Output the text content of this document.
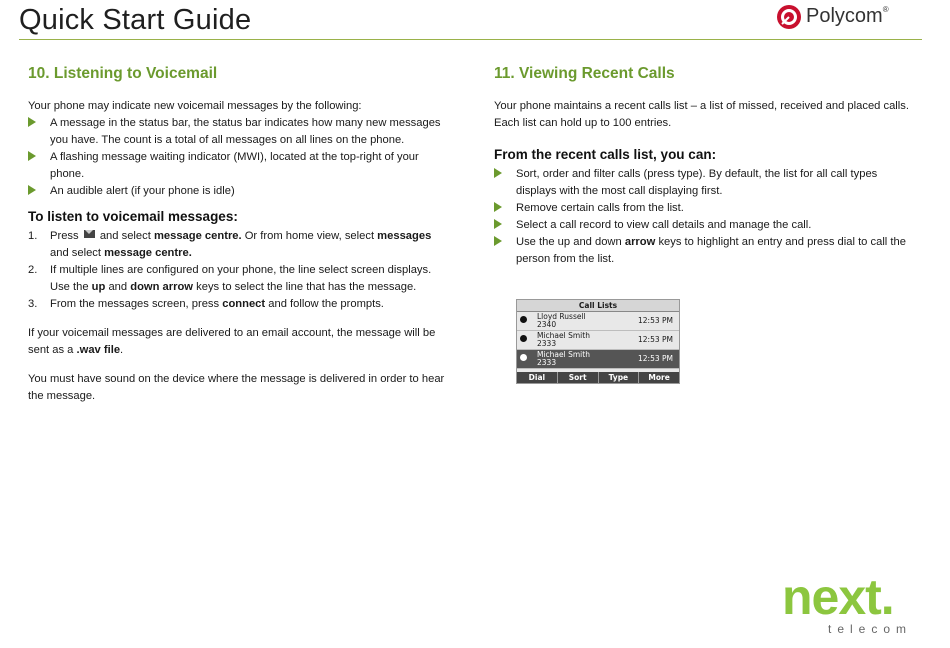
Quick Start Guide	Polycom®
10. Listening to Voicemail

Your phone may indicate new voicemail messages by the following:

A message in the status bar, the status bar indicates how many new messages you have. The count is a total of all messages on all lines on the phone.
A flashing message waiting indicator (MWI), located at the top-right of your phone.
An audible alert (if your phone is idle)
To listen to voicemail messages:
1. Press and select message centre. Or from home view, select messages and select message centre.
2. If multiple lines are configured on your phone, the line select screen displays. Use the up and down arrow keys to select the line that has the message.
3. From the messages screen, press connect and follow the prompts.

If your voicemail messages are delivered to an email account, the message will be sent as a .wav file.

You must have sound on the device where the message is delivered in order to hear the message.

11. Viewing Recent Calls

Your phone maintains a recent calls list – a list of missed, received and placed calls. Each list can hold up to 100 entries.

From the recent calls list, you can:
Sort, order and filter calls (press type). By default, the list for all call types displays with the most call displaying first.
Remove certain calls from the list.
Select a call record to view call details and manage the call.
Use the up and down arrow keys to highlight an entry and press dial to call the person from the list.
Call Lists
Lloyd Russell
2340	12:53 PM
Michael Smith
2333	12:53 PM
Michael Smith
2333	12:53 PM
Dial	Sort	Type	More
next.
telecom
